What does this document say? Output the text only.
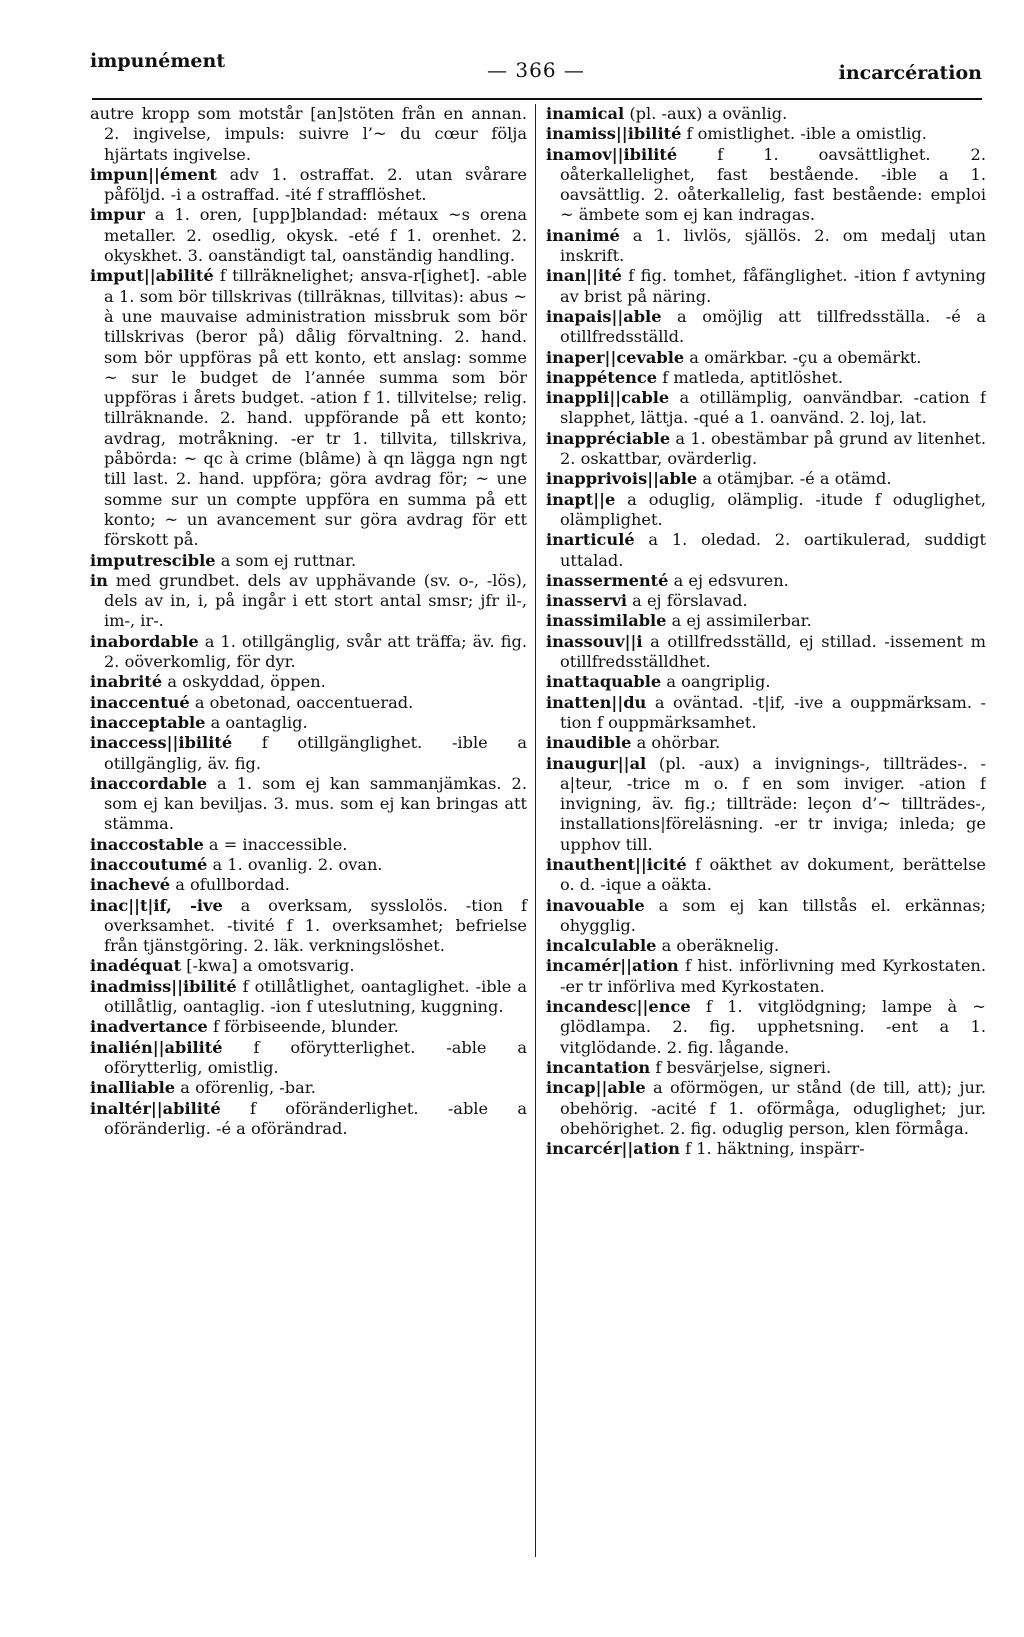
impunément	— 366 —	incarcération

autre kropp som motstår [an]stöten från en annan. 2. ingivelse, impuls: suivre l’~ du cœur följa hjärtats ingivelse.

impun||ément adv 1. ostraffat. 2. utan svårare påföljd. -i a ostraffad. -ité f strafflöshet.

impur a 1. oren, [upp]blandad: métaux ~s orena metaller. 2. osedlig, okysk. -eté f 1. orenhet. 2. okyskhet. 3. oanständigt tal, oanständig handling.

imput||abilité f tillräknelighet; ansva-r[ighet]. -able a 1. som bör tillskrivas (tillräknas, tillvitas): abus ~ à une mauvaise administration missbruk som bör tillskrivas (beror på) dålig förvaltning. 2. hand. som bör uppföras på ett konto, ett anslag: somme ~ sur le budget de l’année summa som bör uppföras i årets budget. -ation f 1. tillvitelse; relig. tillräknande. 2. hand. uppförande på ett konto; avdrag, motråkning. -er tr 1. tillvita, tillskriva, påbörda: ~ qc à crime (blâme) à qn lägga ngn ngt till last. 2. hand. uppföra; göra avdrag för; ~ une somme sur un compte uppföra en summa på ett konto; ~ un avancement sur göra avdrag för ett förskott på.

imputrescible a som ej ruttnar.

in med grundbet. dels av upphävande (sv. o-, -lös), dels av in, i, på ingår i ett stort antal smsr; jfr il-, im-, ir-.

inabordable a 1. otillgänglig, svår att träffa; äv. fig. 2. oöverkomlig, för dyr.

inabrité a oskyddad, öppen.

inaccentué a obetonad, oaccentuerad.

inacceptable a oantaglig.

inaccess||ibilité f otillgänglighet. -ible a otillgänglig, äv. fig.

inaccordable a 1. som ej kan sammanjämkas. 2. som ej kan beviljas. 3. mus. som ej kan bringas att stämma.

inaccostable a = inaccessible.

inaccoutumé a 1. ovanlig. 2. ovan.

inachevé a ofullbordad.

inac||t|if, -ive a overksam, sysslolös. -tion f overksamhet. -tivité f 1. overksamhet; befrielse från tjänstgöring. 2. läk. verkningslöshet.

inadéquat [-kwa] a omotsvarig.

inadmiss||ibilité f otillåtlighet, oantaglighet. -ible a otillåtlig, oantaglig. -ion f uteslutning, kuggning.

inadvertance f förbiseende, blunder.

inalién||abilité f oförytterlighet. -able a oförytterlig, omistlig.

inalliable a oförenlig, -bar.

inaltér||abilité f oföränderlighet. -able a oföränderlig. -é a oförändrad.

inamical (pl. -aux) a ovänlig.

inamiss||ibilité f omistlighet. -ible a omistlig.

inamov||ibilité f 1. oavsättlighet. 2. oåterkallelighet, fast bestående. -ible a 1. oavsättlig. 2. oåterkallelig, fast bestående: emploi ~ ämbete som ej kan indragas.

inanimé a 1. livlös, själlös. 2. om medalj utan inskrift.

inan||ité f fig. tomhet, fåfänglighet. -ition f avtyning av brist på näring.

inapais||able a omöjlig att tillfredsställa. -é a otillfredsställd.

inaper||cevable a omärkbar. -çu a obemärkt.

inappétence f matleda, aptitlöshet.

inappli||cable a otillämplig, oanvändbar. -cation f slapphet, lättja. -qué a 1. oanvänd. 2. loj, lat.

inappréciable a 1. obestämbar på grund av litenhet. 2. oskattbar, ovärderlig.

inapprivois||able a otämjbar. -é a otämd.

inapt||e a oduglig, olämplig. -itude f oduglighet, olämplighet.

inarticulé a 1. oledad. 2. oartikulerad, suddigt uttalad.

inassermenté a ej edsvuren.

inasservi a ej förslavad.

inassimilable a ej assimilerbar.

inassouv||i a otillfredsställd, ej stillad. -issement m otillfredsställdhet.

inattaquable a oangriplig.

inatten||du a oväntad. -t|if, -ive a ouppmärksam. -tion f ouppmärksamhet.

inaudible a ohörbar.

inaugur||al (pl. -aux) a invignings-, tillträdes-. -a|teur, -trice m o. f en som inviger. -ation f invigning, äv. fig.; tillträde: leçon d’~ tillträdes-, installations|föreläsning. -er tr inviga; inleda; ge upphov till.

inauthent||icité f oäkthet av dokument, berättelse o. d. -ique a oäkta.

inavouable a som ej kan tillstås el. erkännas; ohygglig.

incalculable a oberäknelig.

incamér||ation f hist. införlivning med Kyrkostaten. -er tr införliva med Kyrkostaten.

incandesc||ence f 1. vitglödgning; lampe à ~ glödlampa. 2. fig. upphetsning. -ent a 1. vitglödande. 2. fig. lågande.

incantation f besvärjelse, signeri.

incap||able a oförmögen, ur stånd (de till, att); jur. obehörig. -acité f 1. oförmåga, oduglighet; jur. obehörighet. 2. fig. oduglig person, klen förmåga.

incarcér||ation f 1. häktning, inspärr-
